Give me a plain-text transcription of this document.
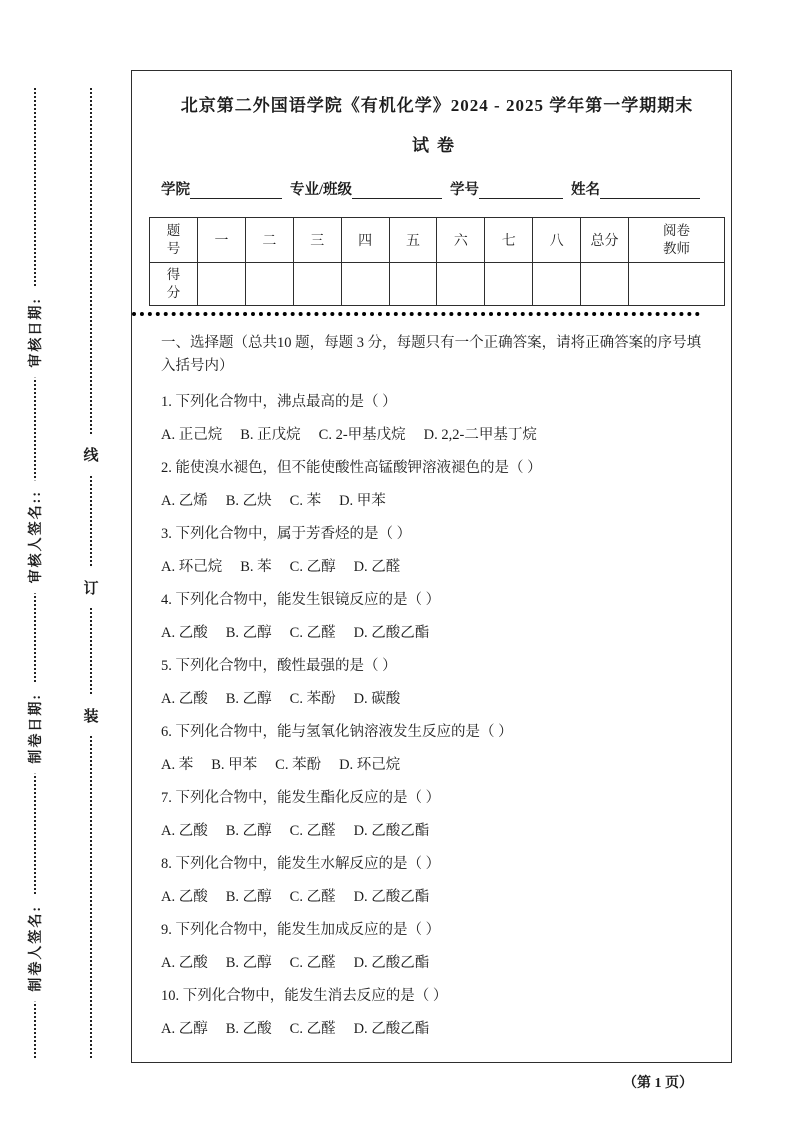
审核日期:
审核人签名::
制卷日期:
制卷人签名:
线
订
装
北京第二外国语学院《有机化学》2024 - 2025 学年第一学期期末
试卷
学院	专业/班级	学号	姓名
题号	一	二	三	四	五	六	七	八	总分	阅卷教师
得分										
一、选择题（总共10 题，每题 3 分，每题只有一个正确答案，请将正确答案的序号填入括号内）
1. 下列化合物中，沸点最高的是（ ）
A. 正己烷 B. 正戊烷 C. 2-甲基戊烷 D. 2,2-二甲基丁烷
2. 能使溴水褪色，但不能使酸性高锰酸钾溶液褪色的是（ ）
A. 乙烯 B. 乙炔 C. 苯 D. 甲苯
3. 下列化合物中，属于芳香烃的是（ ）
A. 环己烷 B. 苯 C. 乙醇 D. 乙醛
4. 下列化合物中，能发生银镜反应的是（ ）
A. 乙酸 B. 乙醇 C. 乙醛 D. 乙酸乙酯
5. 下列化合物中，酸性最强的是（ ）
A. 乙酸 B. 乙醇 C. 苯酚 D. 碳酸
6. 下列化合物中，能与氢氧化钠溶液发生反应的是（ ）
A. 苯 B. 甲苯 C. 苯酚 D. 环己烷
7. 下列化合物中，能发生酯化反应的是（ ）
A. 乙酸 B. 乙醇 C. 乙醛 D. 乙酸乙酯
8. 下列化合物中，能发生水解反应的是（ ）
A. 乙酸 B. 乙醇 C. 乙醛 D. 乙酸乙酯
9. 下列化合物中，能发生加成反应的是（ ）
A. 乙酸 B. 乙醇 C. 乙醛 D. 乙酸乙酯
10. 下列化合物中，能发生消去反应的是（ ）
A. 乙醇 B. 乙酸 C. 乙醛 D. 乙酸乙酯
（第 1 页）
